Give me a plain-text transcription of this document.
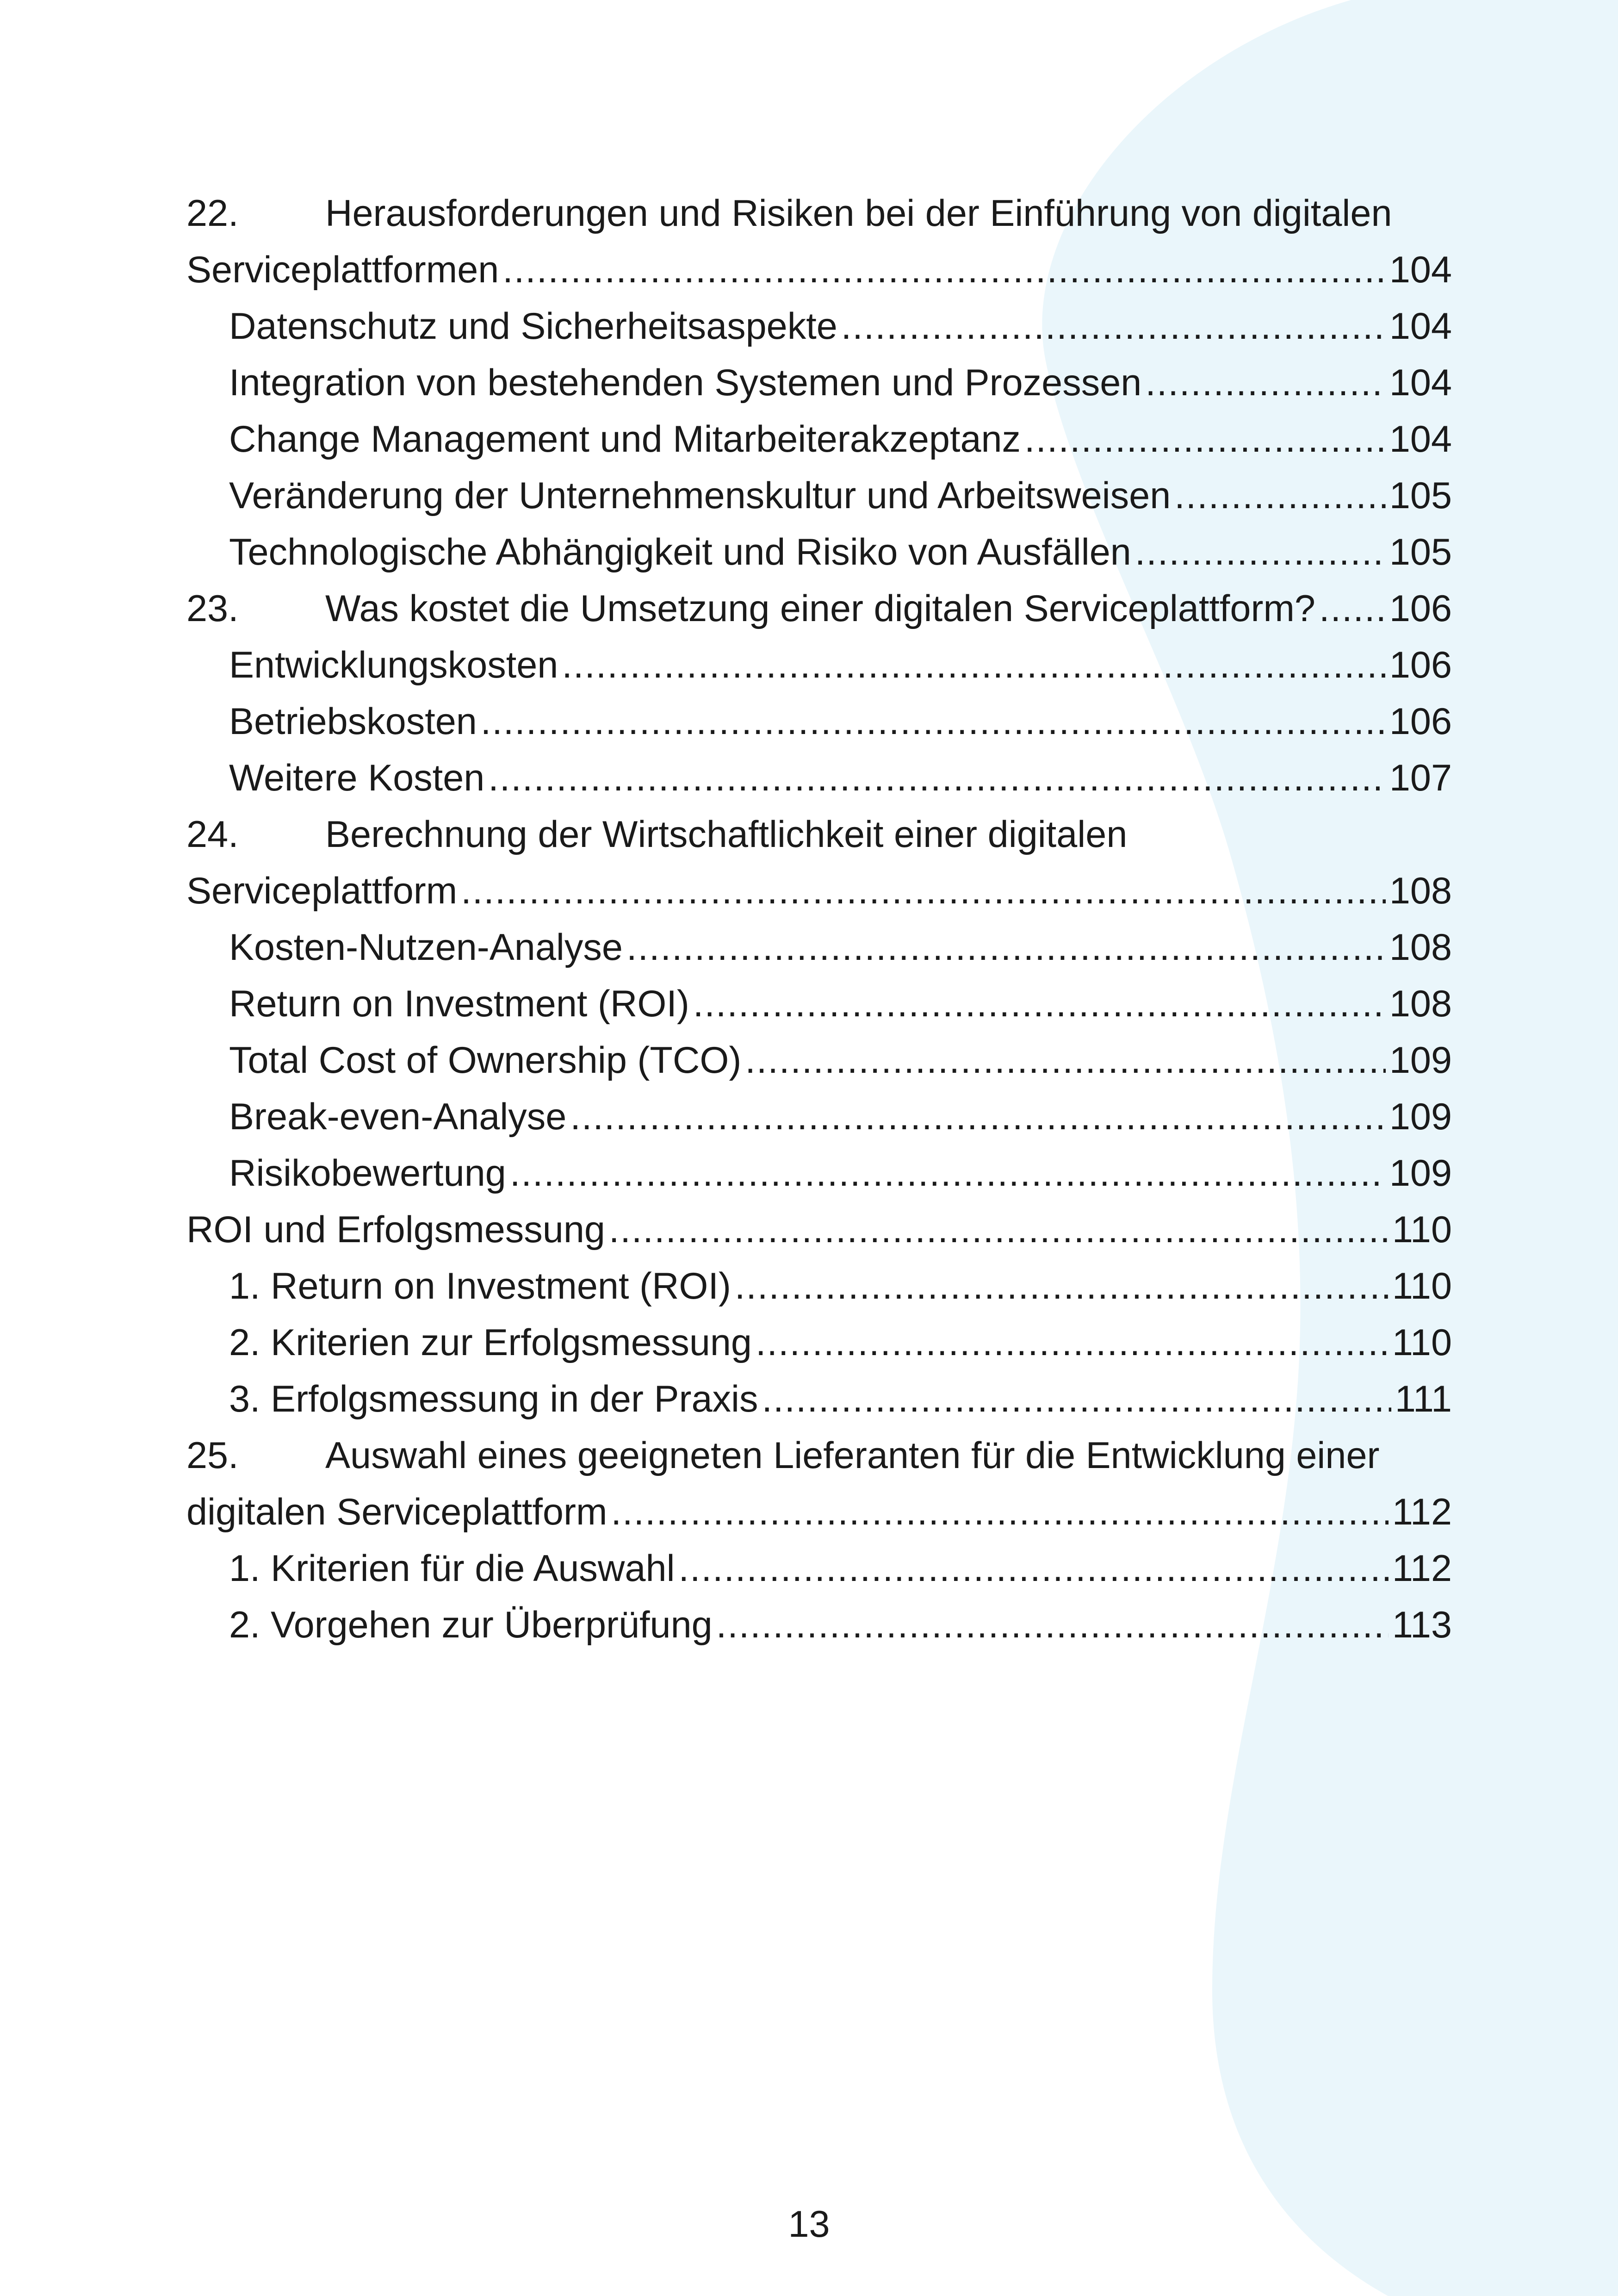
22.	Herausforderungen und Risiken bei der Einführung von digitalen
Serviceplattformen .....	104
Datenschutz und Sicherheitsaspekte .....	104
Integration von bestehenden Systemen und Prozessen .....	104
Change Management und Mitarbeiterakzeptanz .....	104
Veränderung der Unternehmenskultur und Arbeitsweisen .....	105
Technologische Abhängigkeit und Risiko von Ausfällen .....	105
23.	Was kostet die Umsetzung einer digitalen Serviceplattform? ..... 106
Entwicklungskosten .....	106
Betriebskosten .....	106
Weitere Kosten .....	107
24.	Berechnung der Wirtschaftlichkeit einer digitalen
Serviceplattform .....	108
Kosten-Nutzen-Analyse .....	108
Return on Investment (ROI) .....	108
Total Cost of Ownership (TCO) .....	109
Break-even-Analyse .....	109
Risikobewertung .....	109
ROI und Erfolgsmessung .....	110
1. Return on Investment (ROI) .....	110
2. Kriterien zur Erfolgsmessung .....	110
3. Erfolgsmessung in der Praxis .....	111
25.	Auswahl eines geeigneten Lieferanten für die Entwicklung einer
digitalen Serviceplattform .....	112
1. Kriterien für die Auswahl .....	112
2. Vorgehen zur Überprüfung .....	113
13
